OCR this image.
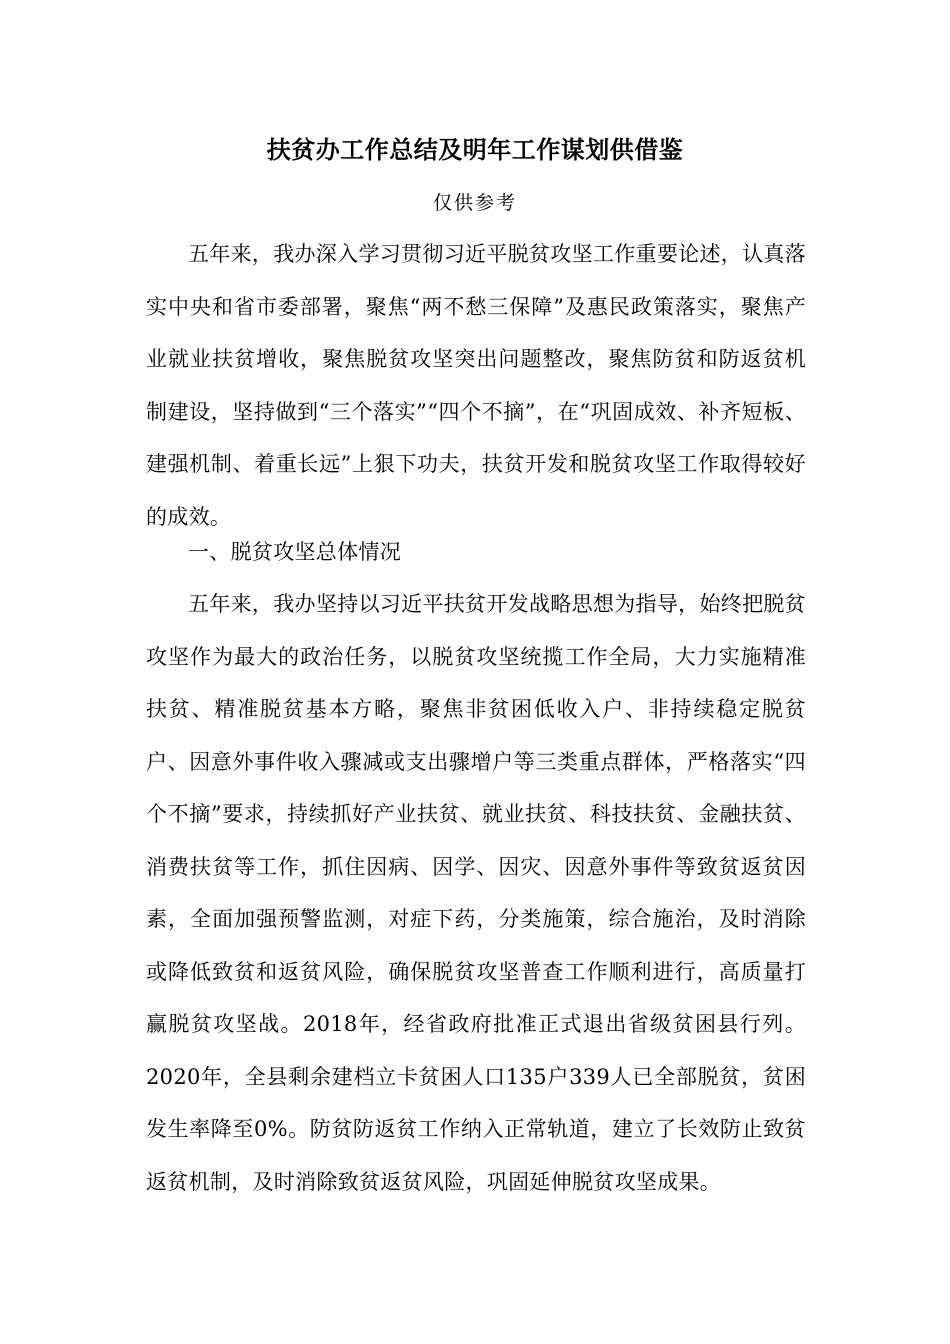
扶贫办工作总结及明年工作谋划供借鉴
仅供参考

五年来，我办深入学习贯彻习近平脱贫攻坚工作重要论述，认真落实中央和省市委部署，聚焦“两不愁三保障”及惠民政策落实，聚焦产业就业扶贫增收，聚焦脱贫攻坚突出问题整改，聚焦防贫和防返贫机制建设，坚持做到“三个落实”“四个不摘”，在“巩固成效、补齐短板、建强机制、着重长远”上狠下功夫，扶贫开发和脱贫攻坚工作取得较好的成效。

一、脱贫攻坚总体情况

五年来，我办坚持以习近平扶贫开发战略思想为指导，始终把脱贫攻坚作为最大的政治任务，以脱贫攻坚统揽工作全局，大力实施精准扶贫、精准脱贫基本方略，聚焦非贫困低收入户、非持续稳定脱贫户、因意外事件收入骤减或支出骤增户等三类重点群体，严格落实“四个不摘”要求，持续抓好产业扶贫、就业扶贫、科技扶贫、金融扶贫、消费扶贫等工作，抓住因病、因学、因灾、因意外事件等致贫返贫因素，全面加强预警监测，对症下药，分类施策，综合施治，及时消除或降低致贫和返贫风险，确保脱贫攻坚普查工作顺利进行，高质量打赢脱贫攻坚战。2018年，经省政府批准正式退出省级贫困县行列。2020年，全县剩余建档立卡贫困人口135户339人已全部脱贫，贫困发生率降至0%。防贫防返贫工作纳入正常轨道，建立了长效防止致贫返贫机制，及时消除致贫返贫风险，巩固延伸脱贫攻坚成果。
